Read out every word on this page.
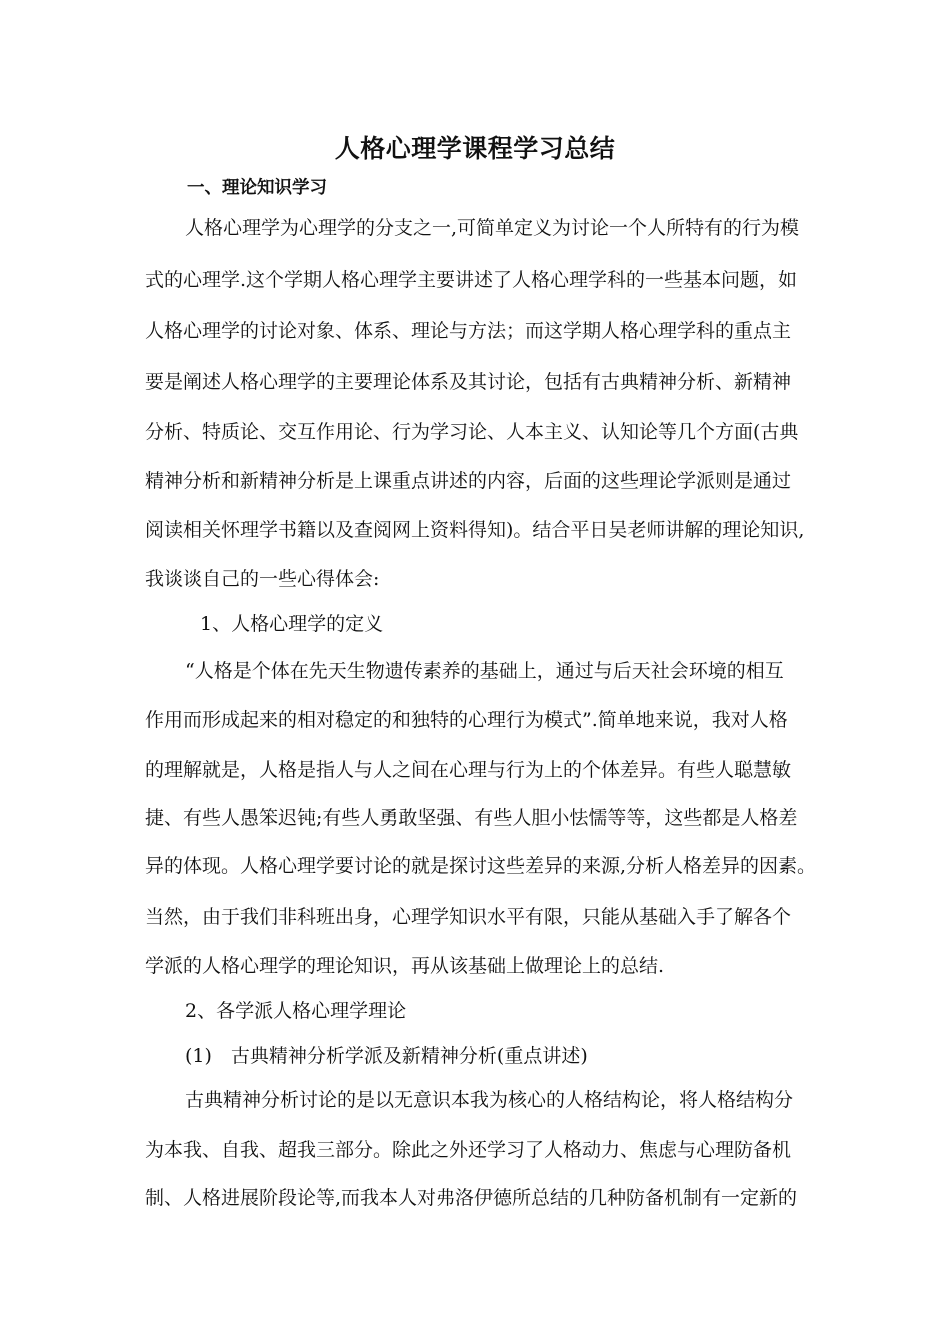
人格心理学课程学习总结
一、理论知识学习
人格心理学为心理学的分支之一,可简单定义为讨论一个人所特有的行为模
式的心理学.这个学期人格心理学主要讲述了人格心理学科的一些基本问题，如
人格心理学的讨论对象、体系、理论与方法；而这学期人格心理学科的重点主
要是阐述人格心理学的主要理论体系及其讨论，包括有古典精神分析、新精神
分析、特质论、交互作用论、行为学习论、人本主义、认知论等几个方面(古典
精神分析和新精神分析是上课重点讲述的内容，后面的这些理论学派则是通过
阅读相关怀理学书籍以及查阅网上资料得知)。结合平日吴老师讲解的理论知识,
我谈谈自己的一些心得体会:
1、人格心理学的定义
“人格是个体在先天生物遗传素养的基础上，通过与后天社会环境的相互
作用而形成起来的相对稳定的和独特的心理行为模式”.简单地来说，我对人格
的理解就是，人格是指人与人之间在心理与行为上的个体差异。有些人聪慧敏
捷、有些人愚笨迟钝;有些人勇敢坚强、有些人胆小怯懦等等，这些都是人格差
异的体现。人格心理学要讨论的就是探讨这些差异的来源,分析人格差异的因素。
当然，由于我们非科班出身，心理学知识水平有限，只能从基础入手了解各个
学派的人格心理学的理论知识，再从该基础上做理论上的总结.
2、各学派人格心理学理论
(1)　古典精神分析学派及新精神分析(重点讲述)
古典精神分析讨论的是以无意识本我为核心的人格结构论，将人格结构分
为本我、自我、超我三部分。除此之外还学习了人格动力、焦虑与心理防备机
制、人格进展阶段论等,而我本人对弗洛伊德所总结的几种防备机制有一定新的
